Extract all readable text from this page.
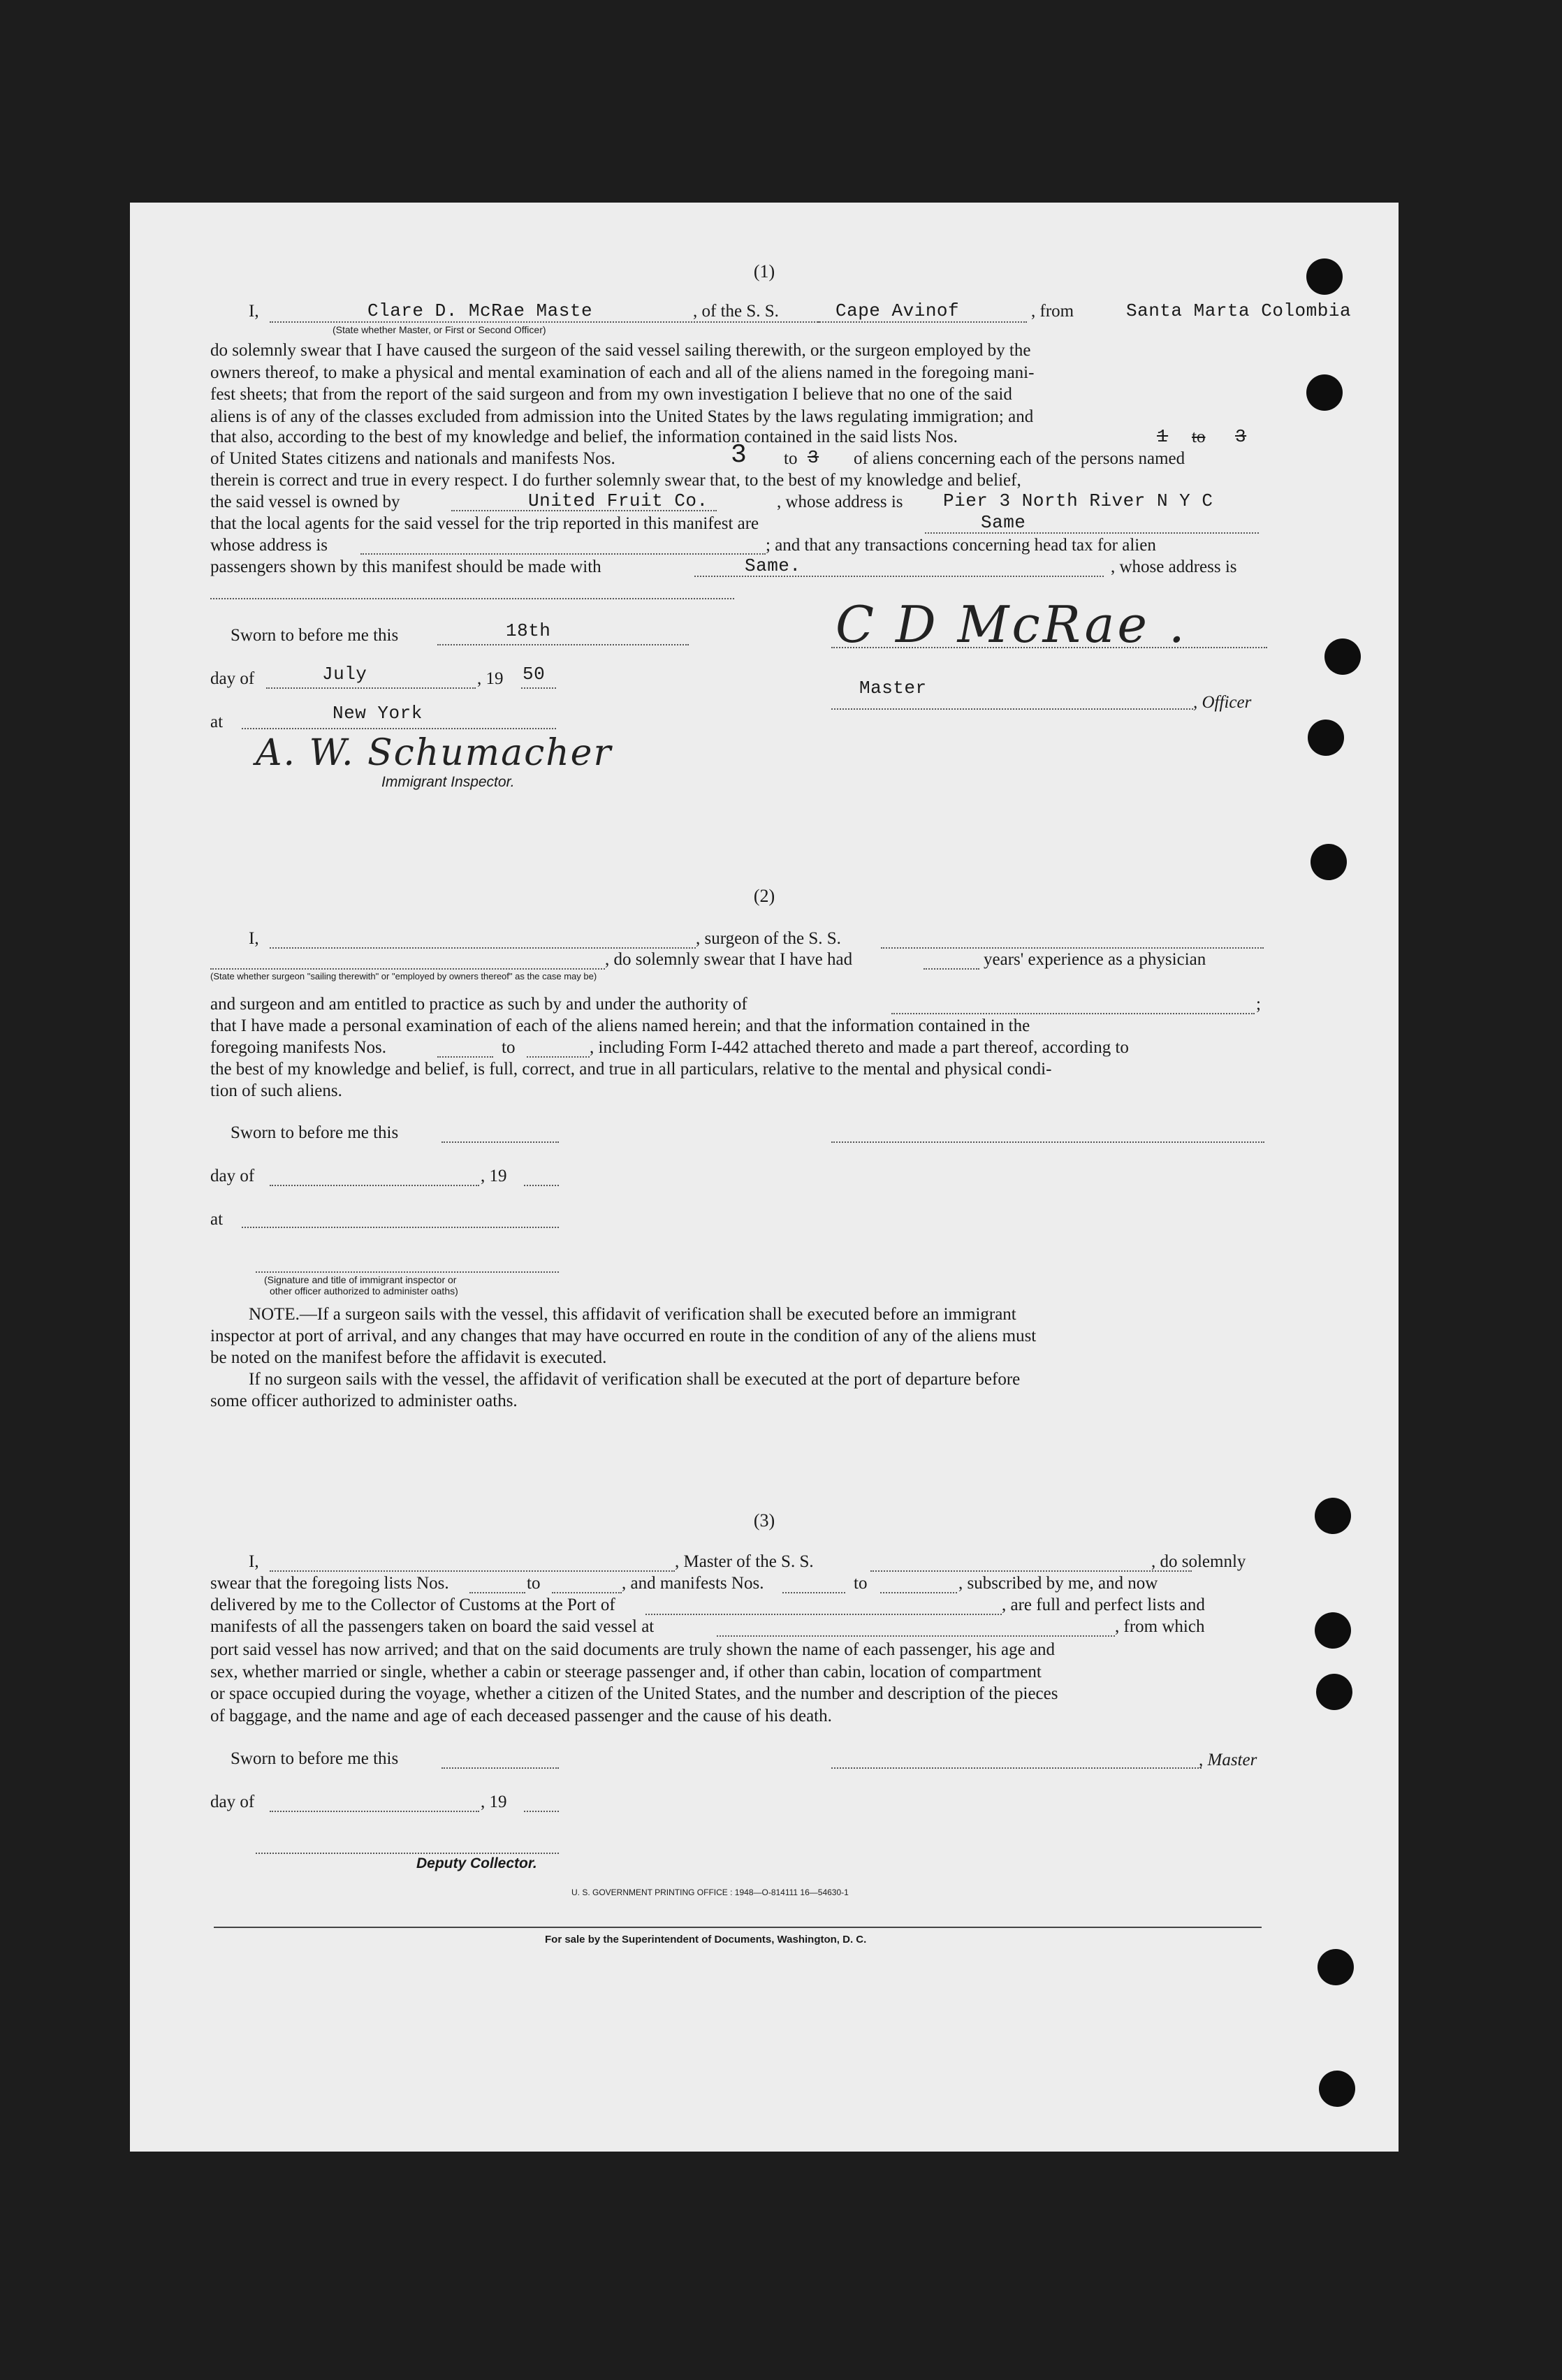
(1)
I,	Clare D. McRae Maste
(State whether Master, or First or Second Officer)
, of the S. S.	Cape Avinof	, from	Santa Marta Colombia
do solemnly swear that I have caused the surgeon of the said vessel sailing therewith, or the surgeon employed by the
owners thereof, to make a physical and mental examination of each and all of the aliens named in the foregoing mani-
fest sheets; that from the report of the said surgeon and from my own investigation I believe that no one of the said
aliens is of any of the classes excluded from admission into the United States by the laws regulating immigration; and
that also, according to the best of my knowledge and belief, the information contained in the said lists Nos.	1 to 3
of United States citizens and nationals and manifests Nos.	3 to 3 of aliens concerning each of the persons named
therein is correct and true in every respect. I do further solemnly swear that, to the best of my knowledge and belief,
the said vessel is owned by	United Fruit Co.	, whose address is Pier 3 North River N Y C
that the local agents for the said vessel for the trip reported in this manifest are	Same
whose address is	; and that any transactions concerning head tax for alien
passengers shown by this manifest should be made with	Same.	, whose address is
Sworn to before me this	18th
day of	July	, 19 50
at	New York
A. W. Schumacher
Immigrant Inspector.
C D McRae .
Master
, Officer
(2)
I,	, surgeon of the S. S.
, do solemnly swear that I have had	years' experience as a physician
(State whether surgeon "sailing therewith" or "employed by owners thereof" as the case may be)
and surgeon and am entitled to practice as such by and under the authority of	;
that I have made a personal examination of each of the aliens named herein; and that the information contained in the
foregoing manifests Nos.	to	, including Form I-442 attached thereto and made a part thereof, according to
the best of my knowledge and belief, is full, correct, and true in all particulars, relative to the mental and physical condi-
tion of such aliens.
Sworn to before me this
day of	, 19
at
(Signature and title of immigrant inspector or
other officer authorized to administer oaths)
NOTE.—If a surgeon sails with the vessel, this affidavit of verification shall be executed before an immigrant
inspector at port of arrival, and any changes that may have occurred en route in the condition of any of the aliens must
be noted on the manifest before the affidavit is executed.
If no surgeon sails with the vessel, the affidavit of verification shall be executed at the port of departure before
some officer authorized to administer oaths.
(3)
I,	, Master of the S. S.	, do solemnly
swear that the foregoing lists Nos.	to	, and manifests Nos.	to	, subscribed by me, and now
delivered by me to the Collector of Customs at the Port of	, are full and perfect lists and
manifests of all the passengers taken on board the said vessel at	, from which
port said vessel has now arrived; and that on the said documents are truly shown the name of each passenger, his age and
sex, whether married or single, whether a cabin or steerage passenger and, if other than cabin, location of compartment
or space occupied during the voyage, whether a citizen of the United States, and the number and description of the pieces
of baggage, and the name and age of each deceased passenger and the cause of his death.
Sworn to before me this	, Master
day of	, 19
Deputy Collector.
U. S. GOVERNMENT PRINTING OFFICE : 1948—O-814111 16—54630-1
For sale by the Superintendent of Documents, Washington, D. C.
